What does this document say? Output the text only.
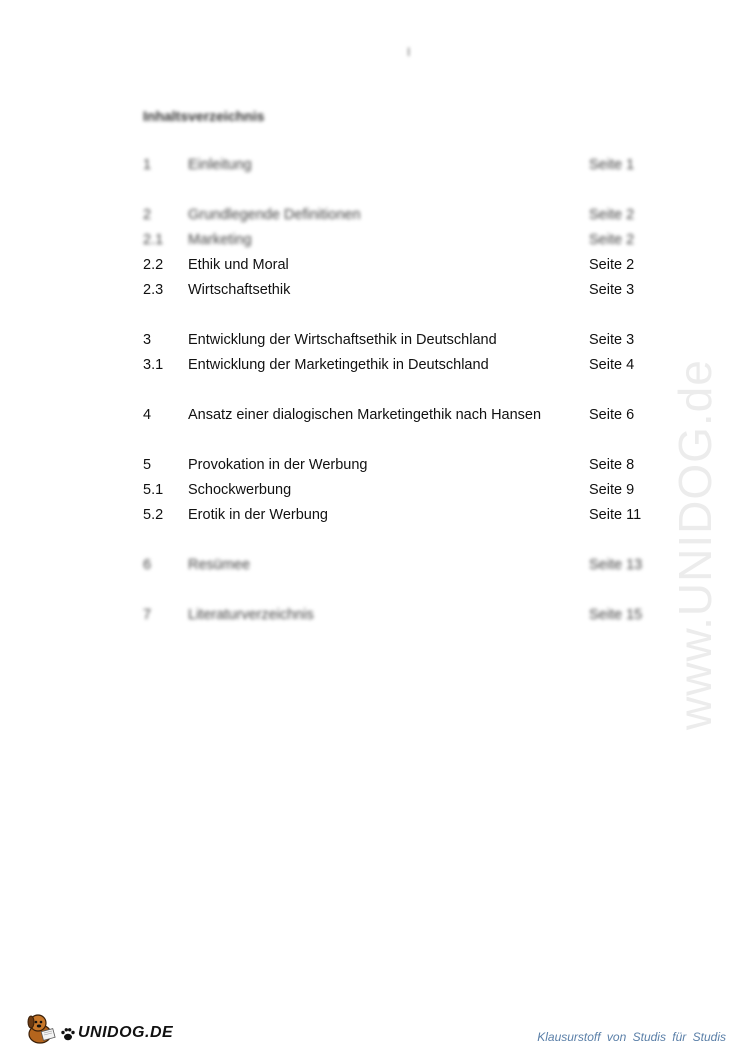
I
Inhaltsverzeichnis
1	Einleitung	Seite 1
2	Grundlegende Definitionen	Seite 2
2.1 Marketing	Seite 2
2.2 Ethik und Moral	Seite 2
2.3 Wirtschaftsethik	Seite 3
3	Entwicklung der Wirtschaftsethik in Deutschland	Seite 3
3.1 Entwicklung der Marketingethik in Deutschland	Seite 4
4	Ansatz einer dialogischen Marketingethik nach Hansen	Seite 6
5	Provokation in der Werbung	Seite 8
5.1 Schockwerbung	Seite 9
5.2 Erotik in der Werbung	Seite 11
6	Resümee	Seite 13
7	Literaturverzeichnis	Seite 15 www.UNIDOG.de
UNIDOG.DE	Klausurstoff von Studis für Studis
